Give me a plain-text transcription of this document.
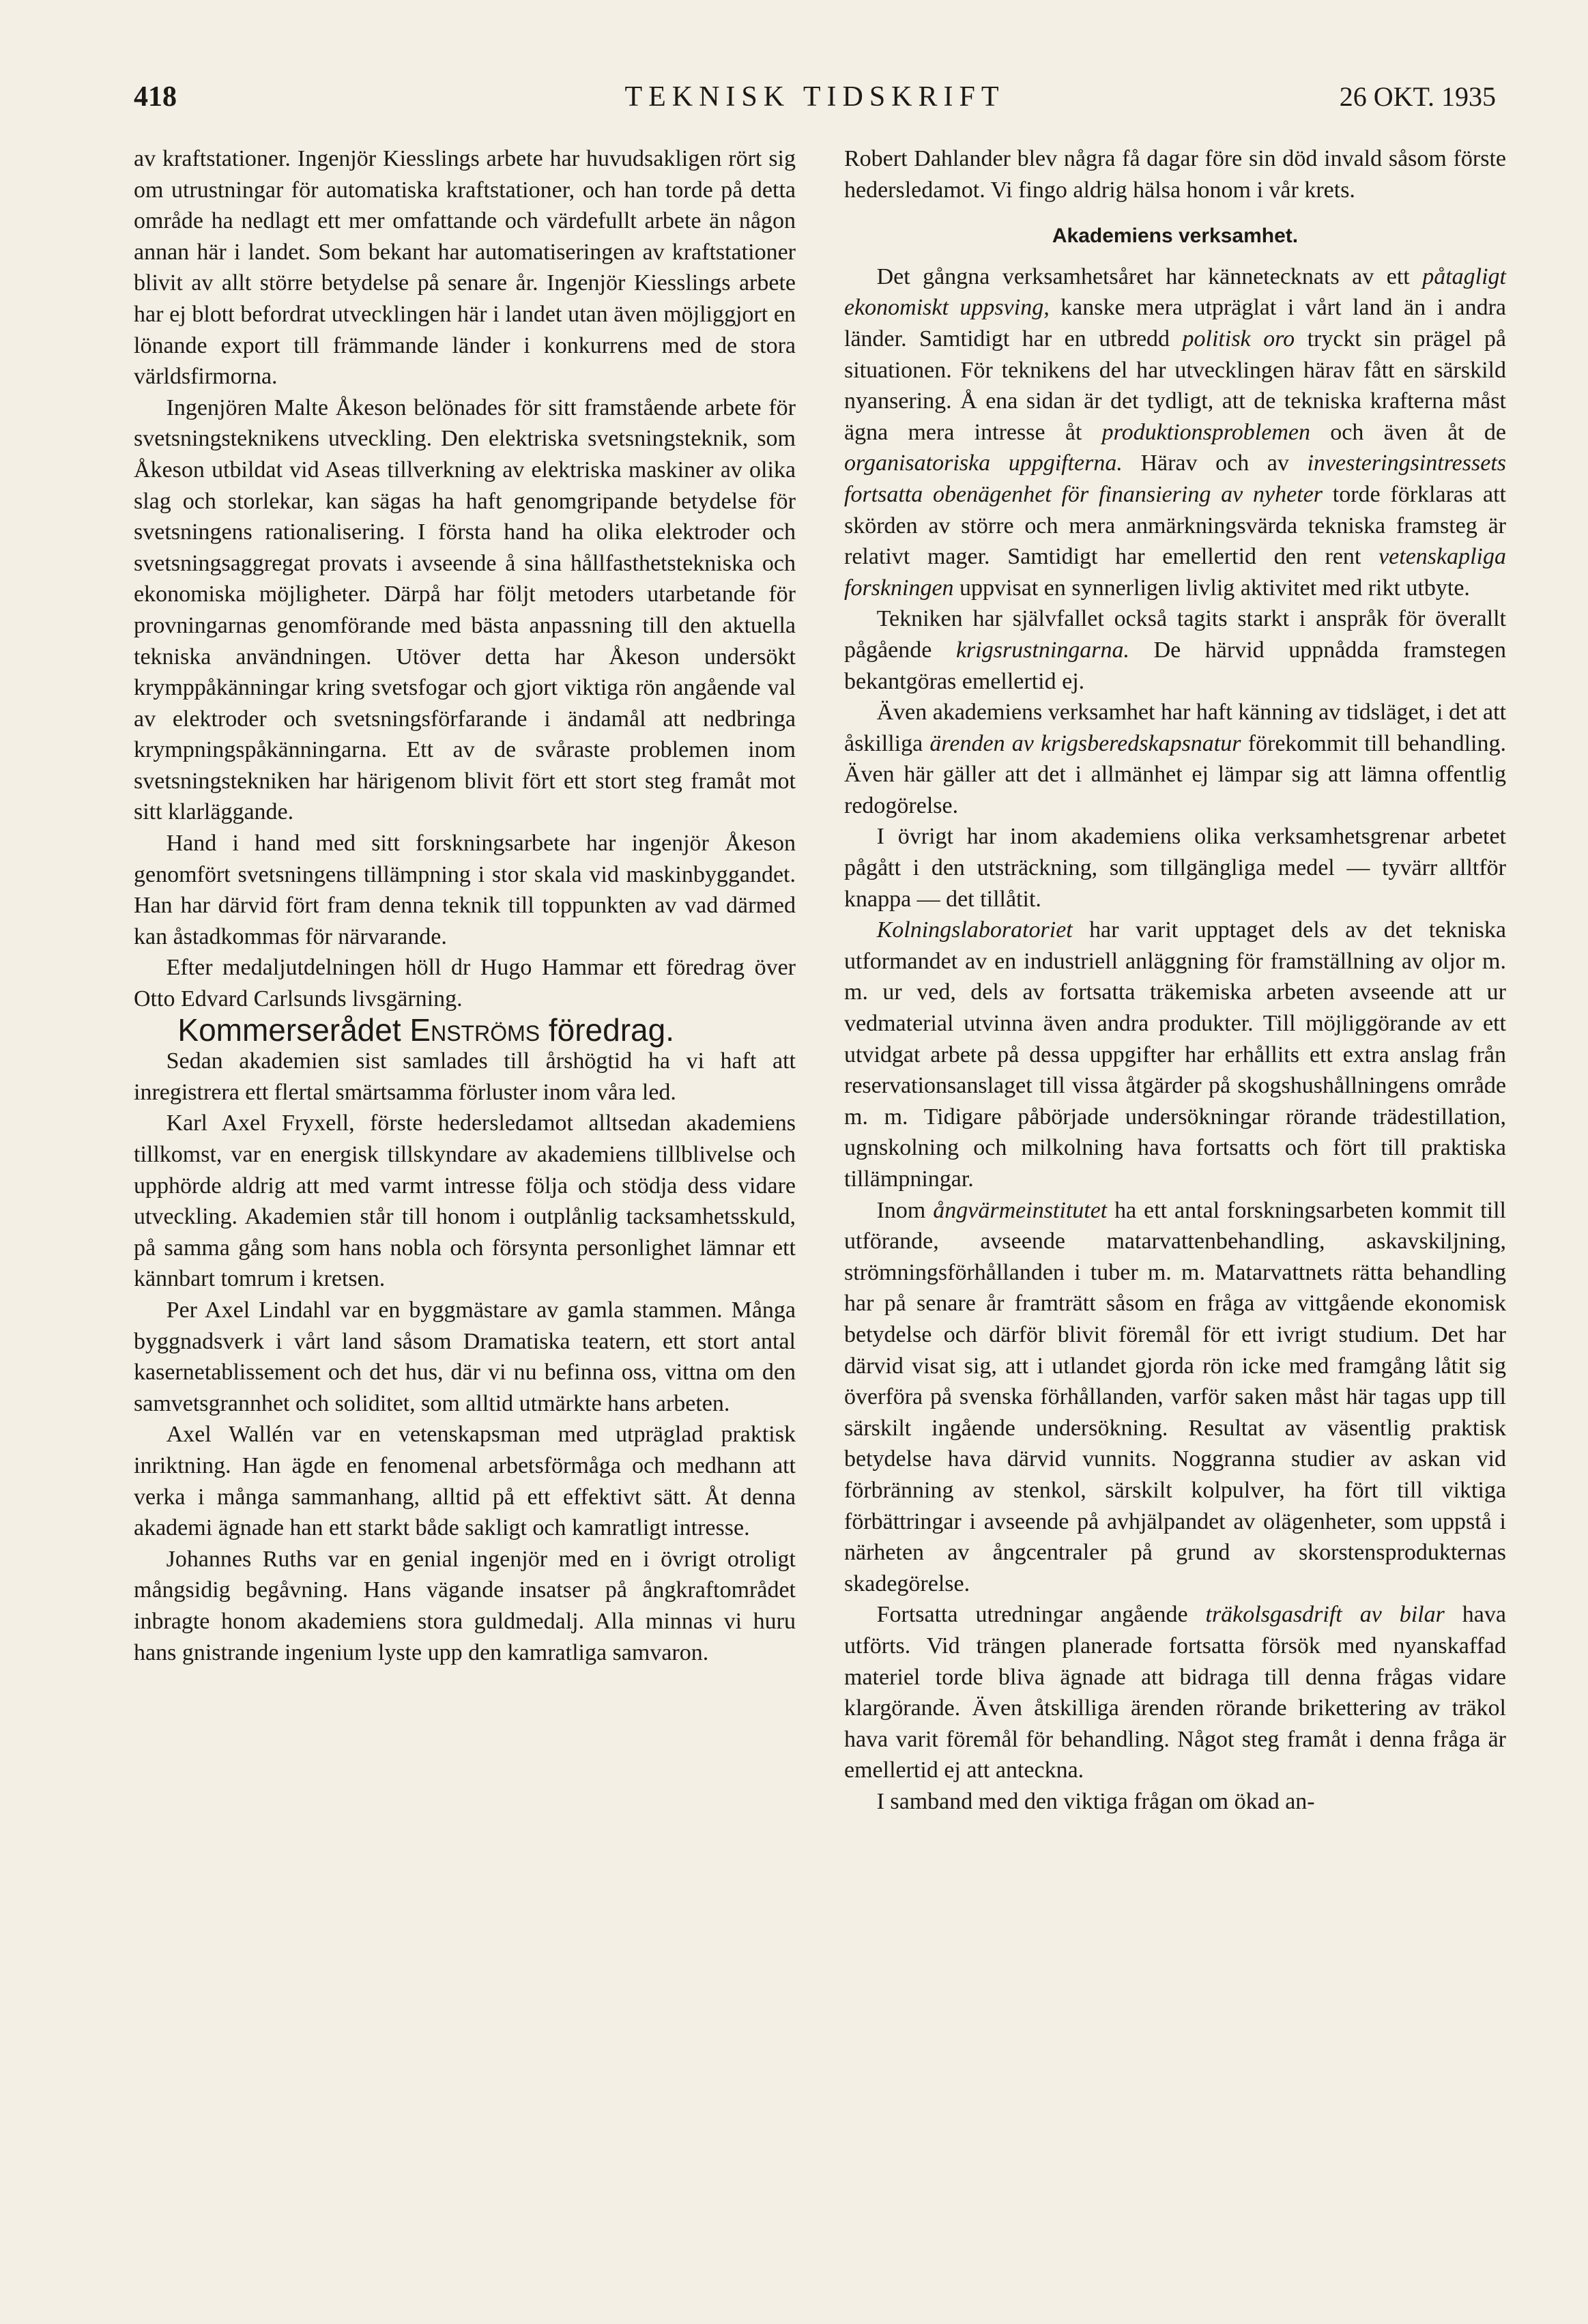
418	TEKNISK TIDSKRIFT	26 OKT. 1935

av kraftstationer. Ingenjör Kiesslings arbete har huvudsakligen rört sig om utrustningar för automatiska kraftstationer, och han torde på detta område ha nedlagt ett mer omfattande och värdefullt arbete än någon annan här i landet. Som bekant har automatiseringen av kraftstationer blivit av allt större betydelse på senare år. Ingenjör Kiesslings arbete har ej blott befordrat utvecklingen här i landet utan även möjliggjort en lönande export till främmande länder i konkurrens med de stora världsfirmorna.

Ingenjören Malte Åkeson belönades för sitt framstående arbete för svetsningsteknikens utveckling. Den elektriska svetsningsteknik, som Åkeson utbildat vid Aseas tillverkning av elektriska maskiner av olika slag och storlekar, kan sägas ha haft genomgripande betydelse för svetsningens rationalisering. I första hand ha olika elektroder och svetsningsaggregat provats i avseende å sina hållfasthetstekniska och ekonomiska möjligheter. Därpå har följt metoders utarbetande för provningarnas genomförande med bästa anpassning till den aktuella tekniska användningen. Utöver detta har Åkeson undersökt krymppåkänningar kring svetsfogar och gjort viktiga rön angående val av elektroder och svetsningsförfarande i ändamål att nedbringa krympningspåkänningarna. Ett av de svåraste problemen inom svetsningstekniken har härigenom blivit fört ett stort steg framåt mot sitt klarläggande.

Hand i hand med sitt forskningsarbete har ingenjör Åkeson genomfört svetsningens tillämpning i stor skala vid maskinbyggandet. Han har därvid fört fram denna teknik till toppunkten av vad därmed kan åstadkommas för närvarande.

Efter medaljutdelningen höll dr Hugo Hammar ett föredrag över Otto Edvard Carlsunds livsgärning.

Kommerserådet Enströms föredrag.

Sedan akademien sist samlades till årshögtid ha vi haft att inregistrera ett flertal smärtsamma förluster inom våra led.

Karl Axel Fryxell, förste hedersledamot alltsedan akademiens tillkomst, var en energisk tillskyndare av akademiens tillblivelse och upphörde aldrig att med varmt intresse följa och stödja dess vidare utveckling. Akademien står till honom i outplånlig tacksamhetsskuld, på samma gång som hans nobla och försynta personlighet lämnar ett kännbart tomrum i kretsen.

Per Axel Lindahl var en byggmästare av gamla stammen. Många byggnadsverk i vårt land såsom Dramatiska teatern, ett stort antal kasernetablissement och det hus, där vi nu befinna oss, vittna om den samvetsgrannhet och soliditet, som alltid utmärkte hans arbeten.

Axel Wallén var en vetenskapsman med utpräglad praktisk inriktning. Han ägde en fenomenal arbetsförmåga och medhann att verka i många sammanhang, alltid på ett effektivt sätt. Åt denna akademi ägnade han ett starkt både sakligt och kamratligt intresse.

Johannes Ruths var en genial ingenjör med en i övrigt otroligt mångsidig begåvning. Hans vägande insatser på ångkraftområdet inbragte honom akademiens stora guldmedalj. Alla minnas vi huru hans gnistrande ingenium lyste upp den kamratliga samvaron.

Robert Dahlander blev några få dagar före sin död invald såsom förste hedersledamot. Vi fingo aldrig hälsa honom i vår krets.

Akademiens verksamhet.

Det gångna verksamhetsåret har kännetecknats av ett påtagligt ekonomiskt uppsving, kanske mera utpräglat i vårt land än i andra länder. Samtidigt har en utbredd politisk oro tryckt sin prägel på situationen. För teknikens del har utvecklingen härav fått en särskild nyansering. Å ena sidan är det tydligt, att de tekniska krafterna måst ägna mera intresse åt produktionsproblemen och även åt de organisatoriska uppgifterna. Härav och av investeringsintressets fortsatta obenägenhet för finansiering av nyheter torde förklaras att skörden av större och mera anmärkningsvärda tekniska framsteg är relativt mager. Samtidigt har emellertid den rent vetenskapliga forskningen uppvisat en synnerligen livlig aktivitet med rikt utbyte.

Tekniken har självfallet också tagits starkt i anspråk för överallt pågående krigsrustningarna. De härvid uppnådda framstegen bekantgöras emellertid ej.

Även akademiens verksamhet har haft känning av tidsläget, i det att åskilliga ärenden av krigsberedskapsnatur förekommit till behandling. Även här gäller att det i allmänhet ej lämpar sig att lämna offentlig redogörelse.

I övrigt har inom akademiens olika verksamhetsgrenar arbetet pågått i den utsträckning, som tillgängliga medel — tyvärr alltför knappa — det tillåtit.

Kolningslaboratoriet har varit upptaget dels av det tekniska utformandet av en industriell anläggning för framställning av oljor m. m. ur ved, dels av fortsatta träkemiska arbeten avseende att ur vedmaterial utvinna även andra produkter. Till möjliggörande av ett utvidgat arbete på dessa uppgifter har erhållits ett extra anslag från reservationsanslaget till vissa åtgärder på skogshushållningens område m. m. Tidigare påbörjade undersökningar rörande trädestillation, ugnskolning och milkolning hava fortsatts och fört till praktiska tillämpningar.

Inom ångvärmeinstitutet ha ett antal forskningsarbeten kommit till utförande, avseende matarvattenbehandling, askavskiljning, strömningsförhållanden i tuber m. m. Matarvattnets rätta behandling har på senare år framträtt såsom en fråga av vittgående ekonomisk betydelse och därför blivit föremål för ett ivrigt studium. Det har därvid visat sig, att i utlandet gjorda rön icke med framgång låtit sig överföra på svenska förhållanden, varför saken måst här tagas upp till särskilt ingående undersökning. Resultat av väsentlig praktisk betydelse hava därvid vunnits. Noggranna studier av askan vid förbränning av stenkol, särskilt kolpulver, ha fört till viktiga förbättringar i avseende på avhjälpandet av olägenheter, som uppstå i närheten av ångcentraler på grund av skorstensprodukternas skadegörelse.

Fortsatta utredningar angående träkolsgasdrift av bilar hava utförts. Vid trängen planerade fortsatta försök med nyanskaffad materiel torde bliva ägnade att bidraga till denna frågas vidare klargörande. Även åtskilliga ärenden rörande brikettering av träkol hava varit föremål för behandling. Något steg framåt i denna fråga är emellertid ej att anteckna.

I samband med den viktiga frågan om ökad an-
